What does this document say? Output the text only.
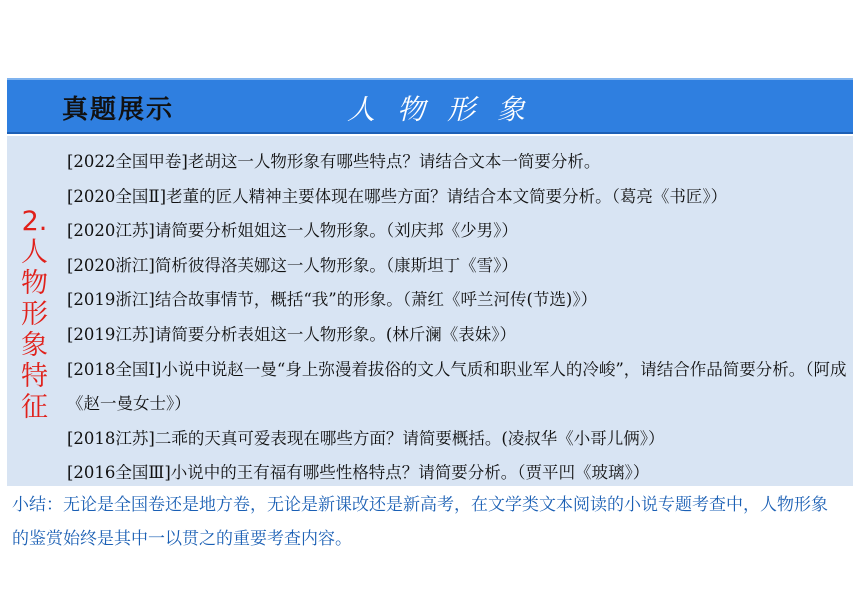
真题展示	人物形象
2.
人
物
形
象
特
征
[2022全国甲卷]老胡这一人物形象有哪些特点？请结合文本一简要分析。
[2020全国Ⅱ]老董的匠人精神主要体现在哪些方面？请结合本文简要分析。（葛亮《书匠》）
[2020江苏]请简要分析姐姐这一人物形象。（刘庆邦《少男》）
[2020浙江]简析彼得洛芙娜这一人物形象。（康斯坦丁《雪》）
[2019浙江]结合故事情节，概括“我”的形象。（萧红《呼兰河传(节选)》）
[2019江苏]请简要分析表姐这一人物形象。(林斤澜《表妹》）
[2018全国Ⅰ]小说中说赵一曼“身上弥漫着拔俗的文人气质和职业军人的冷峻”，请结合作品简要分析。（阿成《赵一曼女士》）
[2018江苏]二乖的天真可爱表现在哪些方面？请简要概括。(凌叔华《小哥儿俩》）
[2016全国Ⅲ]小说中的王有福有哪些性格特点？请简要分析。（贾平凹《玻璃》）
小结：无论是全国卷还是地方卷，无论是新课改还是新高考，在文学类文本阅读的小说专题考查中，人物形象的鉴赏始终是其中一以贯之的重要考查内容。
